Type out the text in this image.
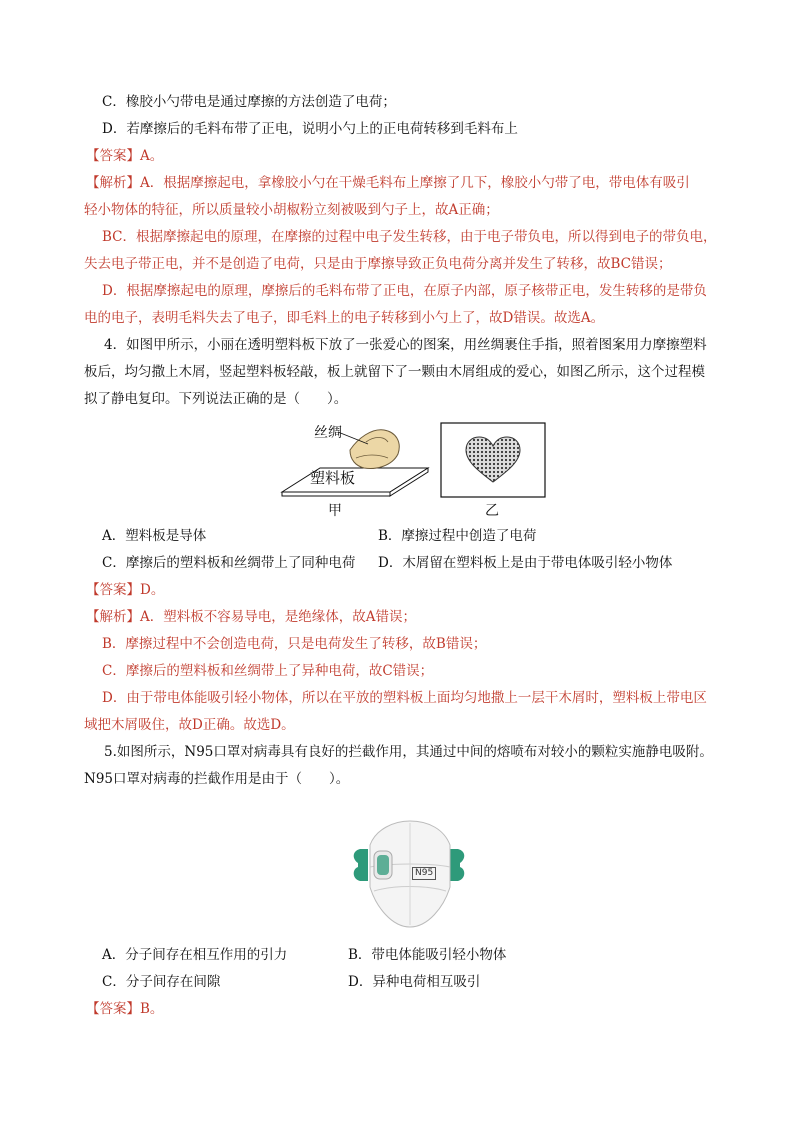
C．橡胶小勺带电是通过摩擦的方法创造了电荷；
D．若摩擦后的毛料布带了正电，说明小勺上的正电荷转移到毛料布上
【答案】A。
【解析】A．根据摩擦起电，拿橡胶小勺在干燥毛料布上摩擦了几下，橡胶小勺带了电，带电体有吸引
轻小物体的特征，所以质量较小胡椒粉立刻被吸到勺子上，故A正确；
BC．根据摩擦起电的原理，在摩擦的过程中电子发生转移，由于电子带负电，所以得到电子的带负电，
失去电子带正电，并不是创造了电荷，只是由于摩擦导致正负电荷分离并发生了转移，故BC错误；
D．根据摩擦起电的原理，摩擦后的毛料布带了正电，在原子内部，原子核带正电，发生转移的是带负
电的电子，表明毛料失去了电子，即毛料上的电子转移到小勺上了，故D错误。故选A。
4．如图甲所示，小丽在透明塑料板下放了一张爱心的图案，用丝绸裹住手指，照着图案用力摩擦塑料
板后，均匀撒上木屑，竖起塑料板轻敲，板上就留下了一颗由木屑组成的爱心，如图乙所示，这个过程模
拟了静电复印。下列说法正确的是（　　）。
丝绸
塑料板
甲	乙
A．塑料板是导体	B．摩擦过程中创造了电荷
C．摩擦后的塑料板和丝绸带上了同种电荷 D．木屑留在塑料板上是由于带电体吸引轻小物体
【答案】D。
【解析】A．塑料板不容易导电，是绝缘体，故A错误；
B．摩擦过程中不会创造电荷，只是电荷发生了转移，故B错误；
C．摩擦后的塑料板和丝绸带上了异种电荷，故C错误；
D．由于带电体能吸引轻小物体，所以在平放的塑料板上面均匀地撒上一层干木屑时，塑料板上带电区
域把木屑吸住，故D正确。故选D。
5.如图所示，N95口罩对病毒具有良好的拦截作用，其通过中间的熔喷布对较小的颗粒实施静电吸附。
N95口罩对病毒的拦截作用是由于（　　）。
N95
A．分子间存在相互作用的引力	B．带电体能吸引轻小物体
C．分子间存在间隙	D．异种电荷相互吸引
【答案】B。
